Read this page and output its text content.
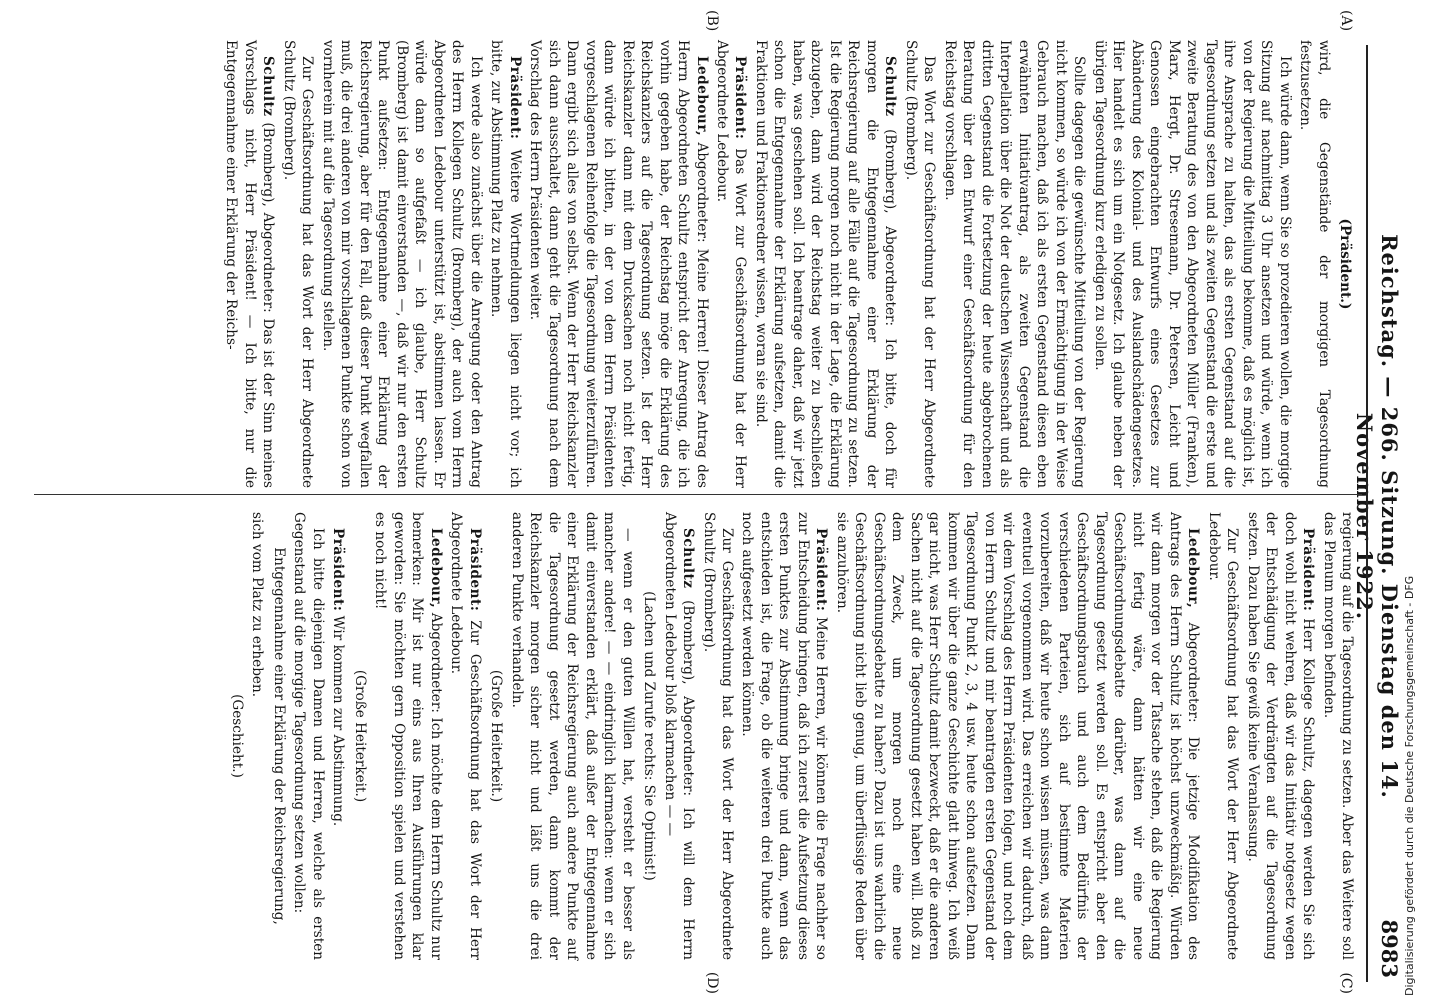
Reichstag. — 266. Sitzung. Dienstag den 14. November 1922.
8983
(A)
(B)
(C)
(D)

(Präsident.)

wird, die Gegenstände der morgigen Tagesordnung festzusetzen.

Ich würde dann, wenn Sie so prozedieren wollen, die morgige Sitzung auf nachmittag 3 Uhr ansetzen und würde, wenn ich von der Regierung die Mitteilung bekomme, daß es möglich ist, ihre Ansprache zu halten, das als ersten Gegenstand auf die Tagesordnung setzen und als zweiten Gegenstand die erste und zweite Beratung des von den Abgeordneten Müller (Franken), Marx, Hergt, Dr. Stresemann, Dr. Petersen, Leicht und Genossen eingebrachten Entwurfs eines Gesetzes zur Abänderung des Kolonial- und des Auslandschädengesetzes. Hier handelt es sich um ein Notgesetz. Ich glaube neben der übrigen Tagesordnung kurz erledigen zu sollen.

Sollte dagegen die gewünschte Mitteilung von der Regierung nicht kommen, so würde ich von der Ermächtigung in der Weise Gebrauch machen, daß ich als ersten Gegenstand diesen eben erwähnten Initiativantrag, als zweiten Gegenstand die Interpellation über die Not der deutschen Wissenschaft und als dritten Gegenstand die Fortsetzung der heute abgebrochenen Beratung über den Entwurf einer Geschäftsordnung für den Reichstag vorschlagen.

Das Wort zur Geschäftsordnung hat der Herr Abgeordnete Schultz (Bromberg).

Schultz (Bromberg), Abgeordneter: Ich bitte, doch für morgen die Entgegennahme einer Erklärung der Reichsregierung auf alle Fälle auf die Tagesordnung zu setzen. Ist die Regierung morgen noch nicht in der Lage, die Erklärung abzugeben, dann wird der Reichstag weiter zu beschließen haben, was geschehen soll. Ich beantrage daher, daß wir jetzt schon die Entgegennahme der Erklärung aufsetzen, damit die Fraktionen und Fraktionsredner wissen, woran sie sind.

Präsident: Das Wort zur Geschäftsordnung hat der Herr Abgeordnete Ledebour.

Ledebour, Abgeordneter: Meine Herren! Dieser Antrag des Herrn Abgeordneten Schultz entspricht der Anregung, die ich vorhin gegeben habe, der Reichstag möge die Erklärung des Reichskanzlers auf die Tagesordnung setzen. Ist der Herr Reichskanzler dann mit dem Drucksachen noch nicht fertig, dann würde ich bitten, in der von dem Herrn Präsidenten vorgeschlagenen Reihenfolge die Tagesordnung weiterzuführen. Dann ergibt sich alles von selbst. Wenn der Herr Reichskanzler sich dann ausschaltet, dann geht die Tagesordnung nach dem Vorschlag des Herrn Präsidenten weiter.

Präsident: Weitere Wortmeldungen liegen nicht vor; ich bitte, zur Abstimmung Platz zu nehmen.

Ich werde also zunächst über die Anregung oder den Antrag des Herrn Kollegen Schultz (Bromberg), der auch vom Herrn Abgeordneten Ledebour unterstützt ist, abstimmen lassen. Er würde dann so aufgefaßt — ich glaube, Herr Schultz (Bromberg) ist damit einverstanden —, daß wir nur den ersten Punkt aufsetzen: Entgegennahme einer Erklärung der Reichsregierung, aber für den Fall, daß dieser Punkt wegfallen muß, die drei anderen von mir vorschlagenen Punkte schon von vornherein mit auf die Tagesordnung stellen.

Zur Geschäftsordnung hat das Wort der Herr Abgeordnete Schultz (Bromberg).

Schultz (Bromberg), Abgeordneter: Das ist der Sinn meines Vorschlags nicht, Herr Präsident! — Ich bitte, nur die Entgegennahme einer Erklärung der Reichs-

regierung auf die Tagesordnung zu setzen. Aber das Weitere soll das Plenum morgen befinden.

Präsident: Herr Kollege Schultz, dagegen werden Sie sich doch wohl nicht wehren, daß wir das Initiativ notgesetz wegen der Entschädigung der Verdrängten auf die Tagesordnung setzen. Dazu haben Sie gewiß keine Veranlassung.

Zur Geschäftsordnung hat das Wort der Herr Abgeordnete Ledebour.

Ledebour, Abgeordneter: Die jetzige Modifikation des Antrags des Herrn Schultz ist höchst unzweckmäßig. Würden wir dann morgen vor der Tatsache stehen, daß die Regierung nicht fertig wäre, dann hätten wir eine neue Geschäftsordnungsdebatte darüber, was dann auf die Tagesordnung gesetzt werden soll. Es entspricht aber den Geschäftsordnungsbrauch und auch dem Bedürfnis der verschiedenen Parteien, sich auf bestimmte Materien vorzubereiten, daß wir heute schon wissen müssen, was dann eventuell vorgenommen wird. Das erreichen wir dadurch, daß wir dem Vorschlag des Herrn Präsidenten folgen, und noch dem von Herrn Schultz und mir beantragten ersten Gegenstand der Tagesordnung Punkt 2, 3, 4 usw. heute schon aufsetzen. Dann kommen wir über die ganze Geschichte glatt hinweg. Ich weiß gar nicht, was Herr Schultz damit bezweckt, daß er die anderen Sachen nicht auf die Tagesordnung gesetzt haben will. Bloß zu dem Zweck, um morgen noch eine neue Geschäftsordnungsdebatte zu haben? Dazu ist uns wahrlich die Geschäftsordnung nicht lieb genug, um überflüssige Reden über sie anzuhören.

Präsident: Meine Herren, wir können die Frage nachher so zur Entscheidung bringen, daß ich zuerst die Aufsetzung dieses ersten Punktes zur Abstimmung bringe und dann, wenn das entschieden ist, die Frage, ob die weiteren drei Punkte auch noch aufgesetzt werden können.

Zur Geschäftsordnung hat das Wort der Herr Abgeordnete Schultz (Bromberg).

Schultz (Bromberg), Abgeordneter: Ich will dem Herrn Abgeordneten Ledebour bloß klarmachen — —

(Lachen und Zurufe rechts: Sie Optimist!)

— wenn er den guten Willen hat, versteht er besser als mancher andere! — — eindringlich klarmachen: wenn er sich damit einverstanden erklärt, daß außer der Entgegennahme einer Erklärung der Reichsregierung auch andere Punkte auf die Tagesordnung gesetzt werden, dann kommt der Reichskanzler morgen sicher nicht und läßt uns die drei anderen Punkte verhandeln.

(Große Heiterkeit.)

Präsident: Zur Geschäftsordnung hat das Wort der Herr Abgeordnete Ledebour.

Ledebour, Abgeordneter: Ich möchte dem Herrn Schultz nur bemerken: Mir ist nur eins aus Ihren Ausführungen klar geworden: Sie möchten gern Opposition spielen und verstehen es noch nicht!

(Große Heiterkeit.)

Präsident: Wir kommen zur Abstimmung.

Ich bitte diejenigen Damen und Herren, welche als ersten Gegenstand auf die morgige Tagesordnung setzen wollen:

Entgegennahme einer Erklärung der Reichsregierung,

sich vom Platz zu erheben.

(Geschieht.)	Digitalisierung gefördert durch die Deutsche Forschungsgemeinschaft - DFG
